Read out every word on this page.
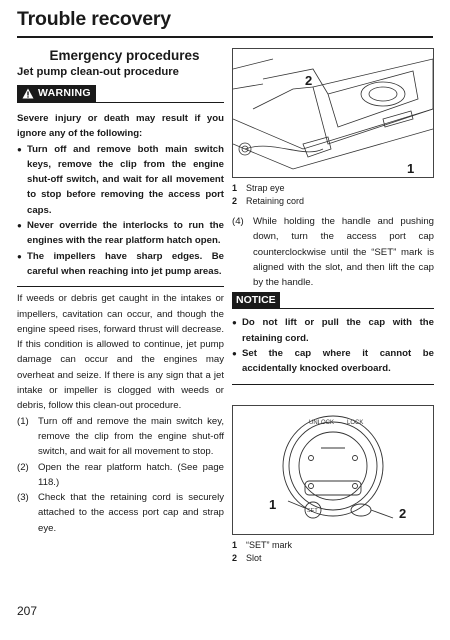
Trouble recovery
Emergency procedures
Jet pump clean-out procedure
WARNING

Severe injury or death may result if you ignore any of the following:

● Turn off and remove both main switch keys, remove the clip from the engine shut-off switch, and wait for all movement to stop before removing the access port caps.
● Never override the interlocks to run the engines with the rear platform hatch open.
● The impellers have sharp edges. Be careful when reaching into jet pump areas.

If weeds or debris get caught in the intakes or impellers, cavitation can occur, and though the engine speed rises, forward thrust will decrease. If this condition is allowed to continue, jet pump damage can occur and the engines may overheat and seize. If there is any sign that a jet intake or impeller is clogged with weeds or debris, follow this clean-out procedure.

(1) Turn off and remove the main switch key, remove the clip from the engine shut-off switch, and wait for all movement to stop.
(2) Open the rear platform hatch. (See page 118.)
(3) Check that the retaining cord is securely attached to the access port cap and strap eye.
2
1
1 Strap eye
2 Retaining cord
(4) While holding the handle and pushing down, turn the access port cap counterclockwise until the “SET” mark is aligned with the slot, and then lift the cap by the handle.
NOTICE
● Do not lift or pull the cap with the retaining cord.
● Set the cap where it cannot be accidentally knocked overboard.
UNLOCK LOCK
SET
1
2
1 “SET” mark
2 Slot
207
